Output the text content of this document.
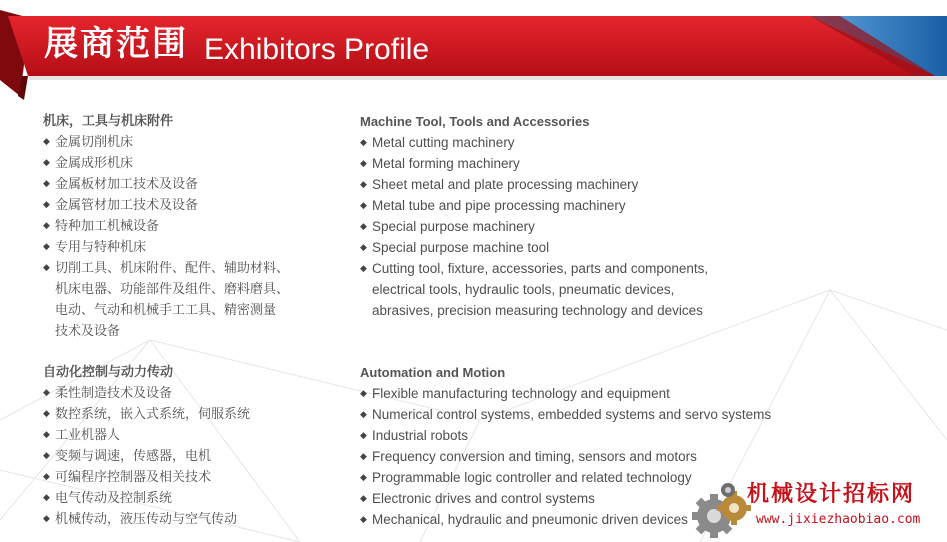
展商范围 Exhibitors Profile
机床，工具与机床附件
◆ 金属切削机床
◆ 金属成形机床
◆ 金属板材加工技术及设备
◆ 金属管材加工技术及设备
◆ 特种加工机械设备
◆ 专用与特种机床
◆ 切削工具、机床附件、配件、辅助材料、
机床电器、功能部件及组件、磨料磨具、
电动、气动和机械手工工具、精密测量
技术及设备
Machine Tool, Tools and Accessories
◆ Metal cutting machinery
◆ Metal forming machinery
◆ Sheet metal and plate processing machinery
◆ Metal tube and pipe processing machinery
◆ Special purpose machinery
◆ Special purpose machine tool
◆ Cutting tool, fixture, accessories, parts and components,
electrical tools, hydraulic tools, pneumatic devices,
abrasives, precision measuring technology and devices
自动化控制与动力传动
◆ 柔性制造技术及设备
◆ 数控系统，嵌入式系统，伺服系统
◆ 工业机器人
◆ 变频与调速，传感器，电机
◆ 可编程序控制器及相关技术
◆ 电气传动及控制系统
◆ 机械传动，液压传动与空气传动
Automation and Motion
◆ Flexible manufacturing technology and equipment
◆ Numerical control systems, embedded systems and servo systems
◆ Industrial robots
◆ Frequency conversion and timing, sensors and motors
◆ Programmable logic controller and related technology
◆ Electronic drives and control systems
◆ Mechanical, hydraulic and pneumonic driven devices
机械设计招标网
www.jixiezhaobiao.com
